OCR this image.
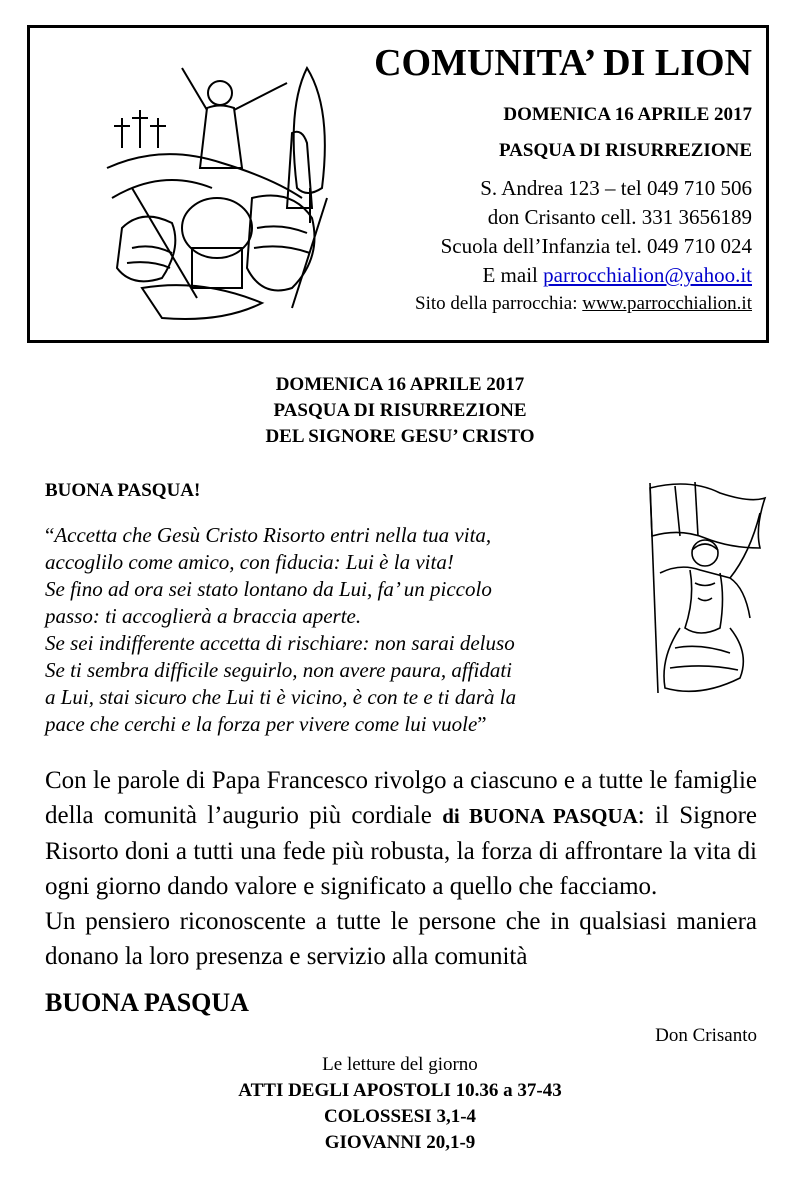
COMUNITA’ DI LION
DOMENICA 16 APRILE 2017
PASQUA DI RISURREZIONE
S. Andrea 123 – tel 049 710 506
don Crisanto cell. 331 3656189
Scuola dell’Infanzia tel. 049 710 024
E mail parrocchialion@yahoo.it
Sito della parrocchia: www.parrocchialion.it
DOMENICA 16 APRILE 2017
PASQUA DI RISURREZIONE
DEL SIGNORE GESU’ CRISTO
BUONA PASQUA!
“Accetta che Gesù Cristo Risorto entri nella tua vita,
accoglilo come amico, con fiducia: Lui è la vita!
Se fino ad ora sei stato lontano da Lui, fa’ un piccolo
passo: ti accoglierà a braccia aperte.
Se sei indifferente accetta di rischiare: non sarai deluso
Se ti sembra difficile seguirlo, non avere paura, affidati
a Lui, stai sicuro che Lui ti è vicino, è con te e ti darà la
pace che cerchi e la forza per vivere come lui vuole”
Con le parole di Papa Francesco rivolgo a ciascuno e a tutte le famiglie della comunità l’augurio più cordiale di BUONA PASQUA: il Signore Risorto doni a tutti una fede più robusta, la forza di affrontare la vita di ogni giorno dando valore e significato a quello che facciamo.
Un pensiero riconoscente a tutte le persone che in qualsiasi maniera donano la loro presenza e servizio alla comunità
BUONA PASQUA
Don Crisanto
Le letture del giorno
ATTI DEGLI APOSTOLI 10.36 a 37-43
COLOSSESI 3,1-4
GIOVANNI 20,1-9
